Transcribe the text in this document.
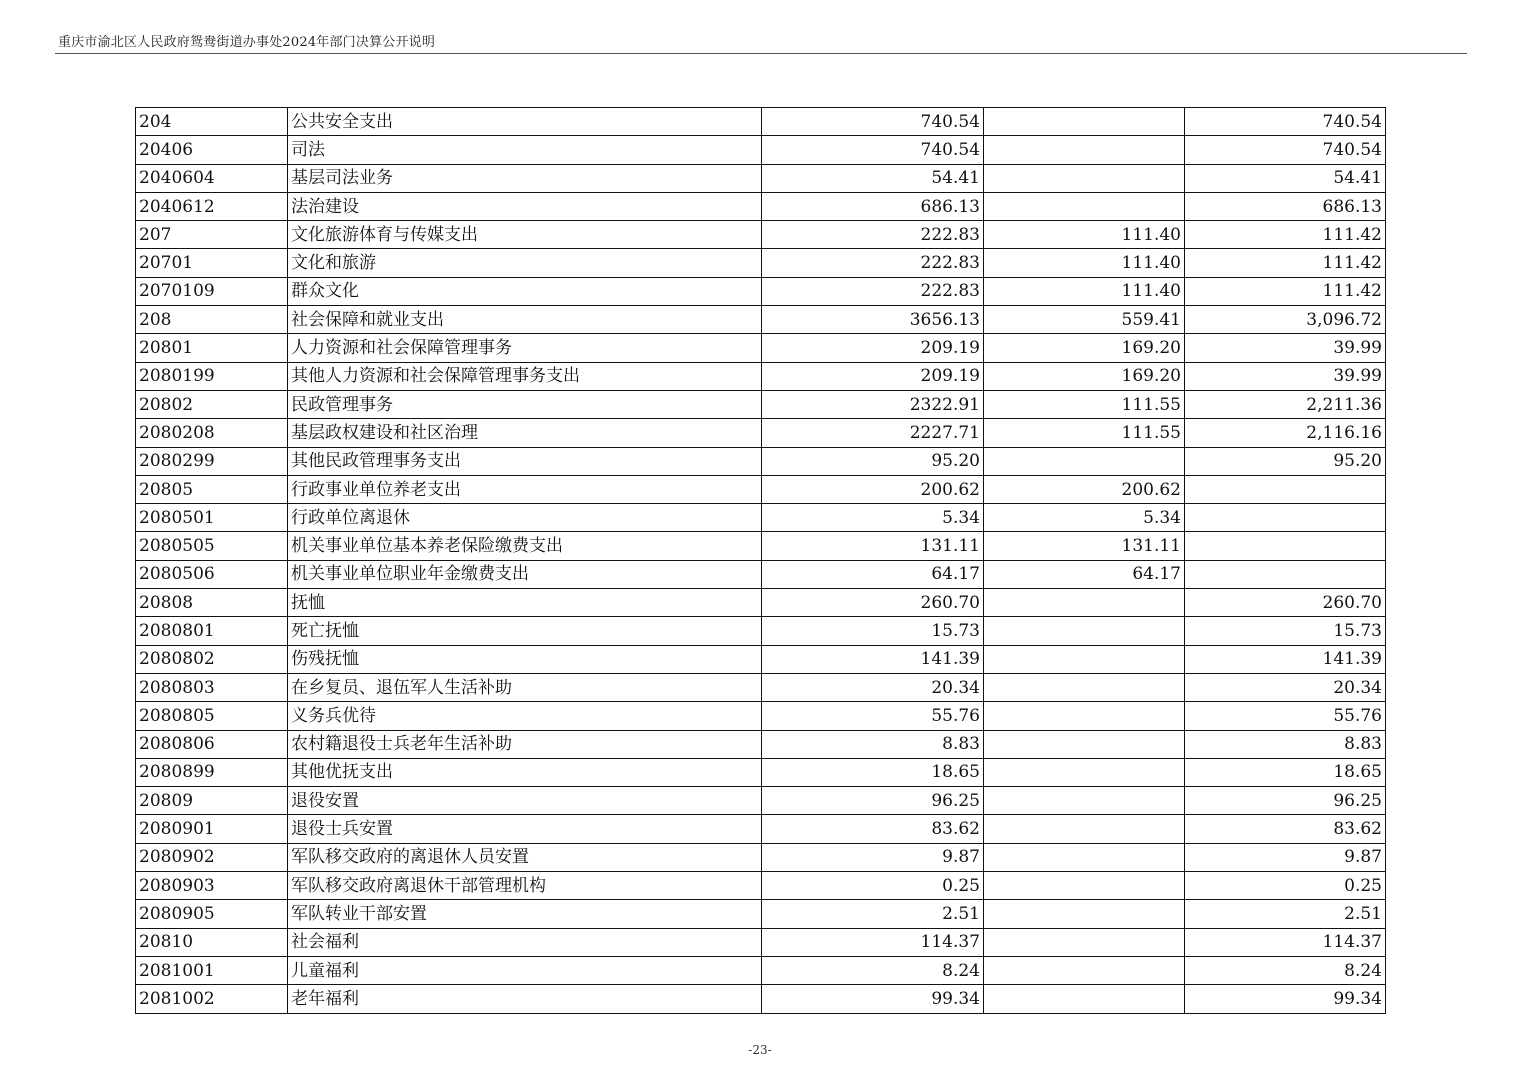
重庆市渝北区人民政府鸳鸯街道办事处2024年部门决算公开说明
204	公共安全支出	740.54		740.54
20406	司法	740.54		740.54
2040604	基层司法业务	54.41		54.41
2040612	法治建设	686.13		686.13
207	文化旅游体育与传媒支出	222.83	111.40	111.42
20701	文化和旅游	222.83	111.40	111.42
2070109	群众文化	222.83	111.40	111.42
208	社会保障和就业支出	3656.13	559.41	3,096.72
20801	人力资源和社会保障管理事务	209.19	169.20	39.99
2080199	其他人力资源和社会保障管理事务支出	209.19	169.20	39.99
20802	民政管理事务	2322.91	111.55	2,211.36
2080208	基层政权建设和社区治理	2227.71	111.55	2,116.16
2080299	其他民政管理事务支出	95.20		95.20
20805	行政事业单位养老支出	200.62	200.62	
2080501	行政单位离退休	5.34	5.34	
2080505	机关事业单位基本养老保险缴费支出	131.11	131.11	
2080506	机关事业单位职业年金缴费支出	64.17	64.17	
20808	抚恤	260.70		260.70
2080801	死亡抚恤	15.73		15.73
2080802	伤残抚恤	141.39		141.39
2080803	在乡复员、退伍军人生活补助	20.34		20.34
2080805	义务兵优待	55.76		55.76
2080806	农村籍退役士兵老年生活补助	8.83		8.83
2080899	其他优抚支出	18.65		18.65
20809	退役安置	96.25		96.25
2080901	退役士兵安置	83.62		83.62
2080902	军队移交政府的离退休人员安置	9.87		9.87
2080903	军队移交政府离退休干部管理机构	0.25		0.25
2080905	军队转业干部安置	2.51		2.51
20810	社会福利	114.37		114.37
2081001	儿童福利	8.24		8.24
2081002	老年福利	99.34		99.34
-23-
